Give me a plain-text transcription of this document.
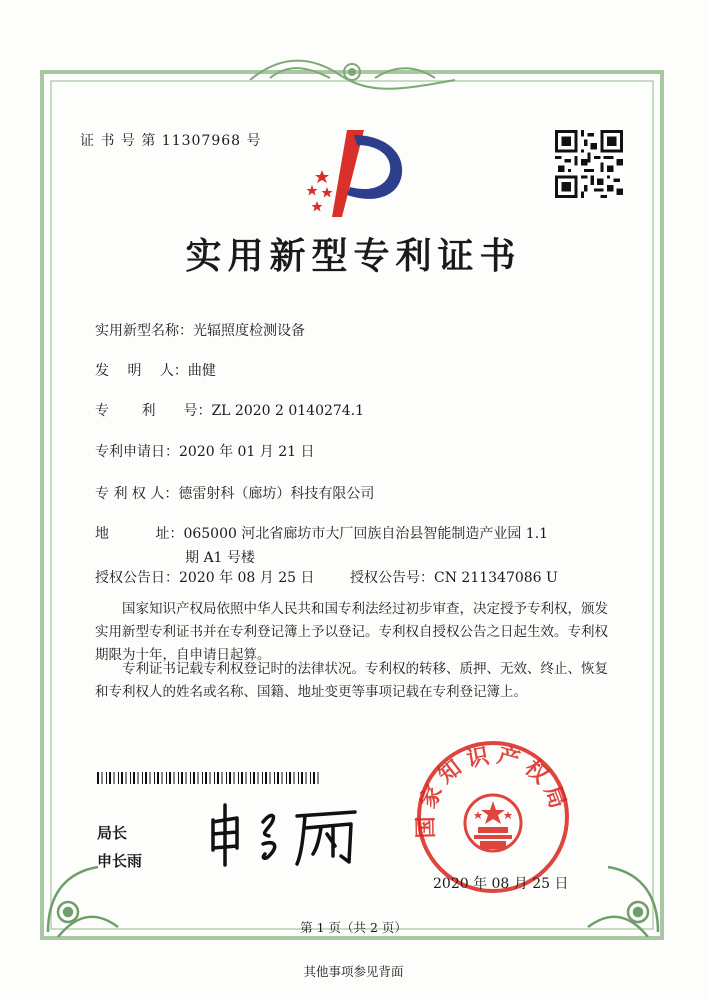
证 书 号 第 11307968 号
实用新型专利证书
实用新型名称：光辐照度检测设备
发　 明　 人：曲健
专　　 利　　号：ZL 2020 2 0140274.1
专利申请日：2020 年 01 月 21 日
专 利 权 人：德雷射科（廊坊）科技有限公司
地　　　 址：065000 河北省廊坊市大厂回族自治县智能制造产业园 1.1
期 A1 号楼
授权公告日：2020 年 08 月 25 日	授权公告号：CN 211347086 U
国家知识产权局依照中华人民共和国专利法经过初步审查，决定授予专利权，颁发实用新型专利证书并在专利登记簿上予以登记。专利权自授权公告之日起生效。专利权期限为十年，自申请日起算。
专利证书记载专利权登记时的法律状况。专利权的转移、质押、无效、终止、恢复和专利权人的姓名或名称、国籍、地址变更等事项记载在专利登记簿上。
局长
申长雨
国家知识产权局
2020 年 08 月 25 日
第 1 页（共 2 页）
其他事项参见背面
